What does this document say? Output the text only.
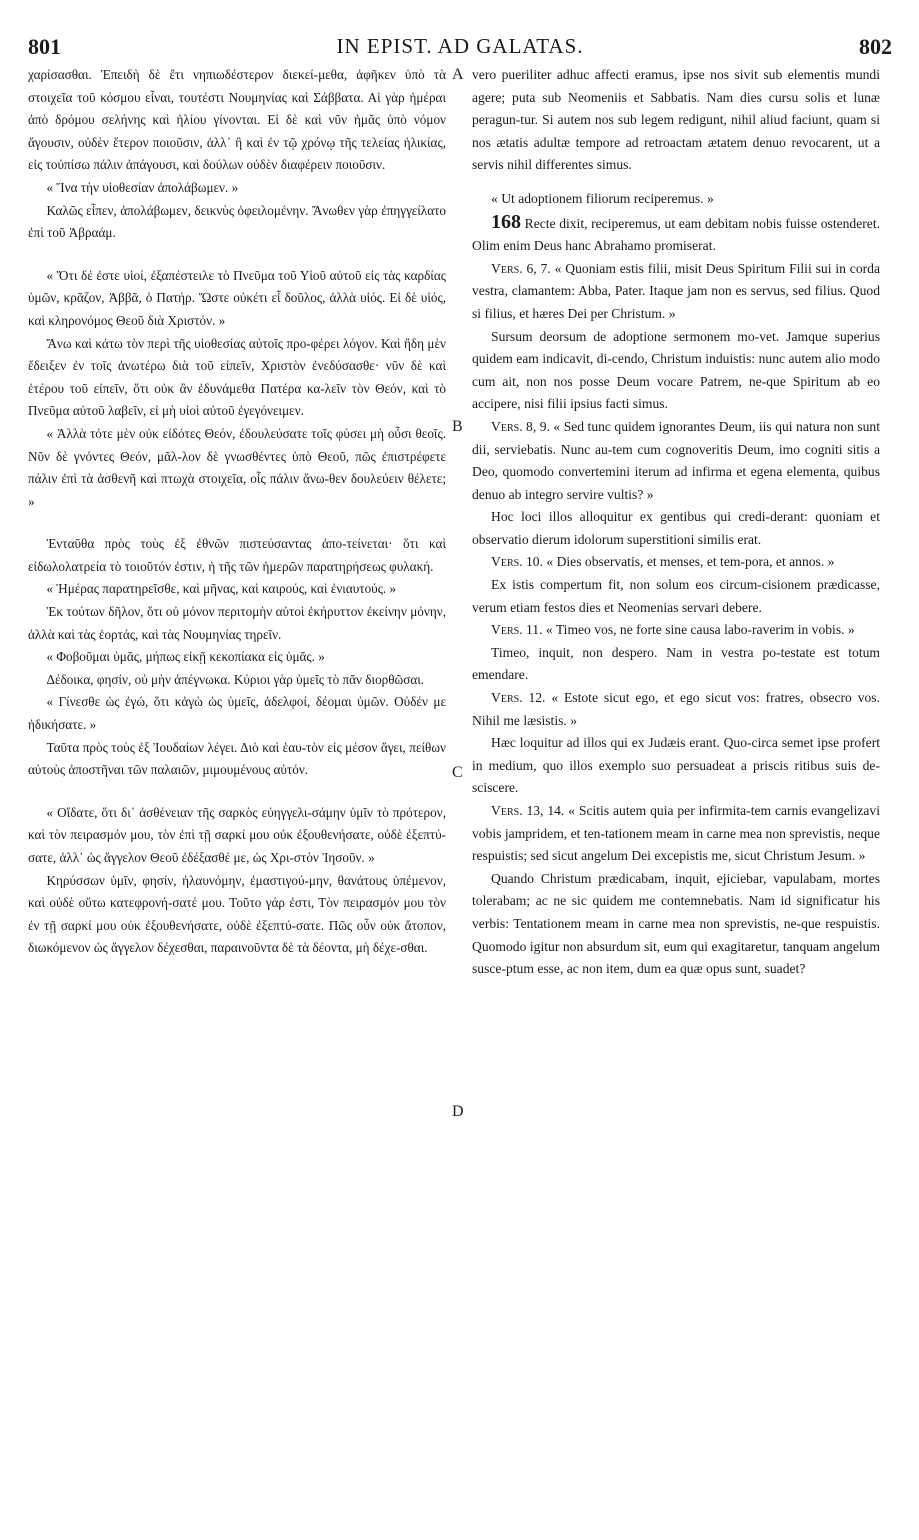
801	IN EPIST. AD GALATAS.	802
A
B
C
D

χαρίσασθαι. Ἐπειδὴ δὲ ἔτι νηπιωδέστερον διεκεί-μεθα, ἀφῆκεν ὑπὸ τὰ στοιχεῖα τοῦ κόσμου εἶναι, τουτέστι Νουμηνίας καὶ Σάββατα. Αἱ γὰρ ἡμέραι ἀπὸ δρόμου σελήνης καὶ ἡλίου γίνονται. Εἰ δὲ καὶ νῦν ἡμᾶς ὑπὸ νόμον ἄγουσιν, οὐδὲν ἕτερον ποιοῦσιν, ἀλλ᾽ ἢ καὶ ἐν τῷ χρόνῳ τῆς τελείας ἡλικίας, εἰς τοὐπίσω πάλιν ἀπάγουσι, καὶ δούλων οὐδὲν διαφέρειν ποιοῦσιν.

« Ἵνα τὴν υἱοθεσίαν ἀπολάβωμεν. »

Καλῶς εἶπεν, ἀπολάβωμεν, δεικνὺς ὀφειλομένην. Ἄνωθεν γὰρ ἐπηγγείλατο ἐπὶ τοῦ Ἀβραάμ.

« Ὅτι δέ ἐστε υἱοί, ἐξαπέστειλε τὸ Πνεῦμα τοῦ Υἱοῦ αὐτοῦ εἰς τὰς καρδίας ὑμῶν, κρᾶζον, Ἀββᾶ, ὁ Πατήρ. Ὥστε οὐκέτι εἶ δοῦλος, ἀλλὰ υἱός. Εἰ δὲ υἱός, καὶ κληρονόμος Θεοῦ διὰ Χριστόν. »

Ἄνω καὶ κάτω τὸν περὶ τῆς υἱοθεσίας αὐτοῖς προ-φέρει λόγον. Καὶ ἤδη μὲν ἔδειξεν ἐν τοῖς ἀνωτέρω διὰ τοῦ εἰπεῖν, Χριστὸν ἐνεδύσασθε· νῦν δὲ καὶ ἑτέρου τοῦ εἰπεῖν, ὅτι οὐκ ἂν ἐδυνάμεθα Πατέρα κα-λεῖν τὸν Θεόν, καὶ τὸ Πνεῦμα αὐτοῦ λαβεῖν, εἰ μὴ υἱοὶ αὐτοῦ ἐγεγόνειμεν.

« Ἀλλὰ τότε μὲν οὐκ εἰδότες Θεόν, ἐδουλεύσατε τοῖς φύσει μὴ οὖσι θεοῖς. Νῦν δὲ γνόντες Θεόν, μᾶλ-λον δὲ γνωσθέντες ὑπὸ Θεοῦ, πῶς ἐπιστρέφετε πάλιν ἐπὶ τὰ ἀσθενῆ καὶ πτωχὰ στοιχεῖα, οἷς πάλιν ἄνω-θεν δουλεύειν θέλετε; »

Ἐνταῦθα πρὸς τοὺς ἐξ ἐθνῶν πιστεύσαντας ἀπο-τείνεται· ὅτι καὶ εἰδωλολατρεία τὸ τοιοῦτόν ἐστιν, ἡ τῆς τῶν ἡμερῶν παρατηρήσεως φυλακή.

« Ἡμέρας παρατηρεῖσθε, καὶ μῆνας, καὶ καιρούς, καὶ ἐνιαυτούς. »

Ἐκ τούτων δῆλον, ὅτι οὐ μόνον περιτομὴν αὐτοὶ ἐκήρυττον ἐκείνην μόνην, ἀλλὰ καὶ τὰς ἑορτάς, καὶ τὰς Νουμηνίας τηρεῖν.

« Φοβοῦμαι ὑμᾶς, μήπως εἰκῇ κεκοπίακα εἰς ὑμᾶς. »

Δέδοικα, φησίν, οὐ μὴν ἀπέγνωκα. Κύριοι γὰρ ὑμεῖς τὸ πᾶν διορθῶσαι.

« Γίνεσθε ὡς ἐγώ, ὅτι κἀγὼ ὡς ὑμεῖς, ἀδελφοί, δέομαι ὑμῶν. Οὐδέν με ἠδικήσατε. »

Ταῦτα πρὸς τοὺς ἐξ Ἰουδαίων λέγει. Διὸ καὶ ἑαυ-τὸν εἰς μέσον ἄγει, πείθων αὐτοὺς ἀποστῆναι τῶν παλαιῶν, μιμουμένους αὐτόν.

« Οἴδατε, ὅτι δι᾽ ἀσθένειαν τῆς σαρκὸς εὐηγγελι-σάμην ὑμῖν τὸ πρότερον, καὶ τὸν πειρασμόν μου, τὸν ἐπὶ τῇ σαρκί μου οὐκ ἐξουθενήσατε, οὐδὲ ἐξεπτύ-σατε, ἀλλ᾽ ὡς ἄγγελον Θεοῦ ἐδέξασθέ με, ὡς Χρι-στὸν Ἰησοῦν. »

Κηρύσσων ὑμῖν, φησίν, ἠλαυνόμην, ἐμαστιγού-μην, θανάτους ὑπέμενον, καὶ οὐδὲ οὕτω κατεφρονή-σατέ μου. Τοῦτο γάρ ἐστι, Τὸν πειρασμόν μου τὸν ἐν τῇ σαρκί μου οὐκ ἐξουθενήσατε, οὐδὲ ἐξεπτύ-σατε. Πῶς οὖν οὐκ ἄτοπον, διωκόμενον ὡς ἄγγελον δέχεσθαι, παραινοῦντα δὲ τὰ δέοντα, μὴ δέχε-σθαι.

vero pueriliter adhuc affecti eramus, ipse nos sivit sub elementis mundi agere; puta sub Neomeniis et Sabbatis. Nam dies cursu solis et lunæ peragun-tur. Si autem nos sub legem redigunt, nihil aliud faciunt, quam si nos ætatis adultæ tempore ad retroactam ætatem denuo revocarent, ut a servis nihil differentes simus.

« Ut adoptionem filiorum reciperemus. »

168 Recte dixit, reciperemus, ut eam debitam nobis fuisse ostenderet. Olim enim Deus hanc Abrahamo promiserat.

Vers. 6, 7. « Quoniam estis filii, misit Deus Spiritum Filii sui in corda vestra, clamantem: Abba, Pater. Itaque jam non es servus, sed filius. Quod si filius, et hæres Dei per Christum. »

Sursum deorsum de adoptione sermonem mo-vet. Jamque superius quidem eam indicavit, di-cendo, Christum induistis: nunc autem alio modo cum ait, non nos posse Deum vocare Patrem, ne-que Spiritum ab eo accipere, nisi filii ipsius facti simus.

Vers. 8, 9. « Sed tunc quidem ignorantes Deum, iis qui natura non sunt dii, serviebatis. Nunc au-tem cum cognoveritis Deum, imo cogniti sitis a Deo, quomodo convertemini iterum ad infirma et egena elementa, quibus denuo ab integro servire vultis? »

Hoc loci illos alloquitur ex gentibus qui credi-derant: quoniam et observatio dierum idolorum superstitioni similis erat.

Vers. 10. « Dies observatis, et menses, et tem-pora, et annos. »

Ex istis compertum fit, non solum eos circum-cisionem prædicasse, verum etiam festos dies et Neomenias servari debere.

Vers. 11. « Timeo vos, ne forte sine causa labo-raverim in vobis. »

Timeo, inquit, non despero. Nam in vestra po-testate est totum emendare.

Vers. 12. « Estote sicut ego, et ego sicut vos: fratres, obsecro vos. Nihil me læsistis. »

Hæc loquitur ad illos qui ex Judæis erant. Quo-circa semet ipse profert in medium, quo illos exemplo suo persuadeat a priscis ritibus suis de-sciscere.

Vers. 13, 14. « Scitis autem quia per infirmita-tem carnis evangelizavi vobis jampridem, et ten-tationem meam in carne mea non sprevistis, neque respuistis; sed sicut angelum Dei excepistis me, sicut Christum Jesum. »

Quando Christum prædicabam, inquit, ejiciebar, vapulabam, mortes tolerabam; ac ne sic quidem me contemnebatis. Nam id significatur his verbis: Tentationem meam in carne mea non sprevistis, ne-que respuistis. Quomodo igitur non absurdum sit, eum qui exagitaretur, tanquam angelum susce-ptum esse, ac non item, dum ea quæ opus sunt, suadet?
